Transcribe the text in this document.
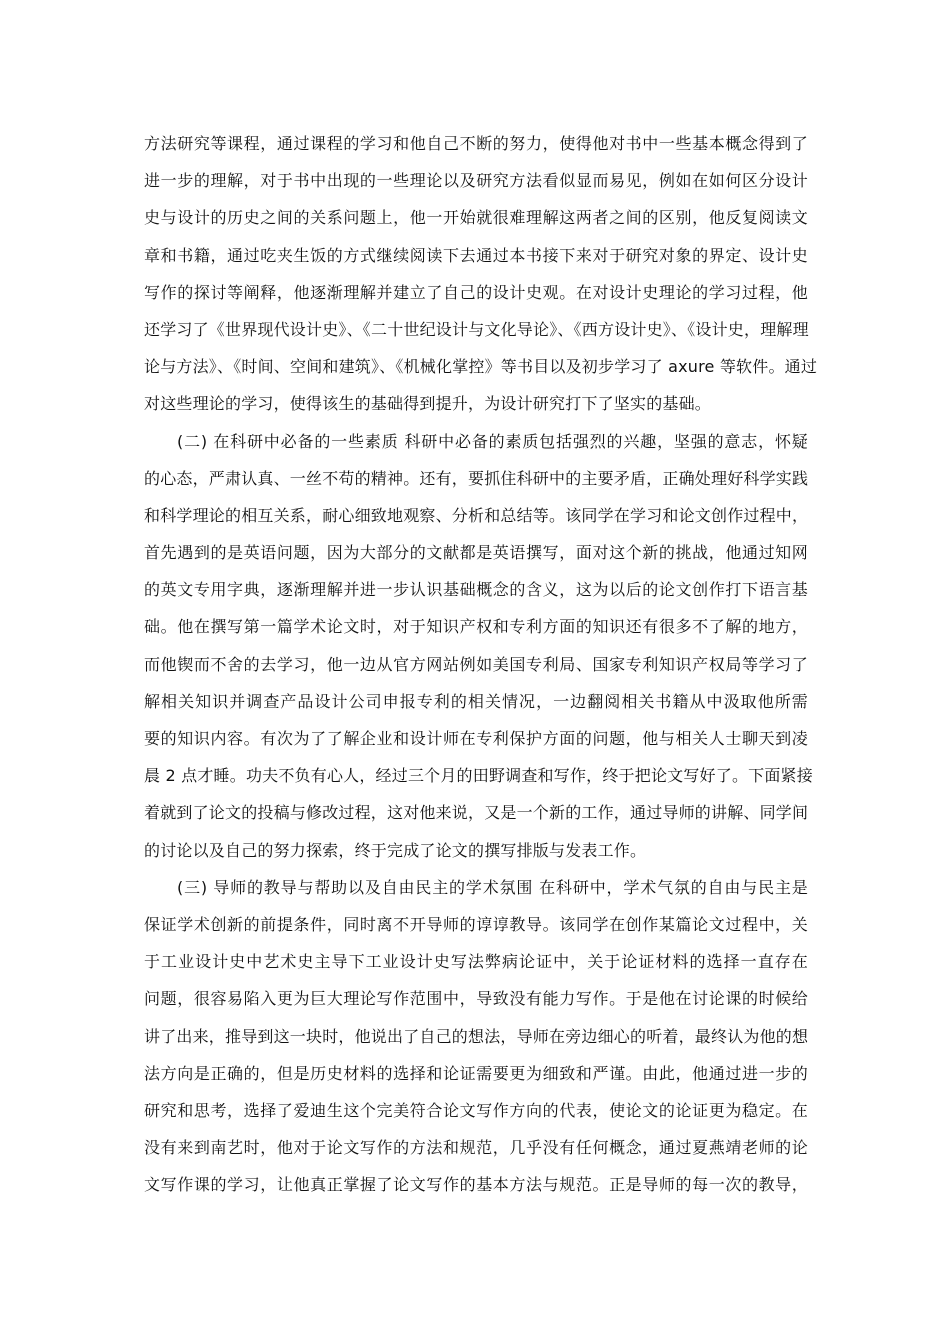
方法研究等课程，通过课程的学习和他自己不断的努力，使得他对书中一些基本概念得到了
进一步的理解，对于书中出现的一些理论以及研究方法看似显而易见，例如在如何区分设计
史与设计的历史之间的关系问题上，他一开始就很难理解这两者之间的区别，他反复阅读文
章和书籍，通过吃夹生饭的方式继续阅读下去通过本书接下来对于研究对象的界定、设计史
写作的探讨等阐释，他逐渐理解并建立了自己的设计史观。在对设计史理论的学习过程，他
还学习了《世界现代设计史》、《二十世纪设计与文化导论》、《西方设计史》、《设计史，理解理
论与方法》、《时间、空间和建筑》、《机械化掌控》等书目以及初步学习了 axure 等软件。通过
对这些理论的学习，使得该生的基础得到提升，为设计研究打下了坚实的基础。
(二) 在科研中必备的一些素质 科研中必备的素质包括强烈的兴趣，坚强的意志，怀疑
的心态，严肃认真、一丝不苟的精神。还有，要抓住科研中的主要矛盾，正确处理好科学实践
和科学理论的相互关系，耐心细致地观察、分析和总结等。该同学在学习和论文创作过程中，
首先遇到的是英语问题，因为大部分的文献都是英语撰写，面对这个新的挑战，他通过知网
的英文专用字典，逐渐理解并进一步认识基础概念的含义，这为以后的论文创作打下语言基
础。他在撰写第一篇学术论文时，对于知识产权和专利方面的知识还有很多不了解的地方，
而他锲而不舍的去学习，他一边从官方网站例如美国专利局、国家专利知识产权局等学习了
解相关知识并调查产品设计公司申报专利的相关情况，一边翻阅相关书籍从中汲取他所需
要的知识内容。有次为了了解企业和设计师在专利保护方面的问题，他与相关人士聊天到凌
晨 2 点才睡。功夫不负有心人，经过三个月的田野调查和写作，终于把论文写好了。下面紧接
着就到了论文的投稿与修改过程，这对他来说，又是一个新的工作，通过导师的讲解、同学间
的讨论以及自己的努力探索，终于完成了论文的撰写排版与发表工作。
(三) 导师的教导与帮助以及自由民主的学术氛围 在科研中，学术气氛的自由与民主是
保证学术创新的前提条件，同时离不开导师的谆谆教导。该同学在创作某篇论文过程中，关
于工业设计史中艺术史主导下工业设计史写法弊病论证中，关于论证材料的选择一直存在
问题，很容易陷入更为巨大理论写作范围中，导致没有能力写作。于是他在讨论课的时候给
讲了出来，推导到这一块时，他说出了自己的想法，导师在旁边细心的听着，最终认为他的想
法方向是正确的，但是历史材料的选择和论证需要更为细致和严谨。由此，他通过进一步的
研究和思考，选择了爱迪生这个完美符合论文写作方向的代表，使论文的论证更为稳定。在
没有来到南艺时，他对于论文写作的方法和规范，几乎没有任何概念，通过夏燕靖老师的论
文写作课的学习，让他真正掌握了论文写作的基本方法与规范。正是导师的每一次的教导，
